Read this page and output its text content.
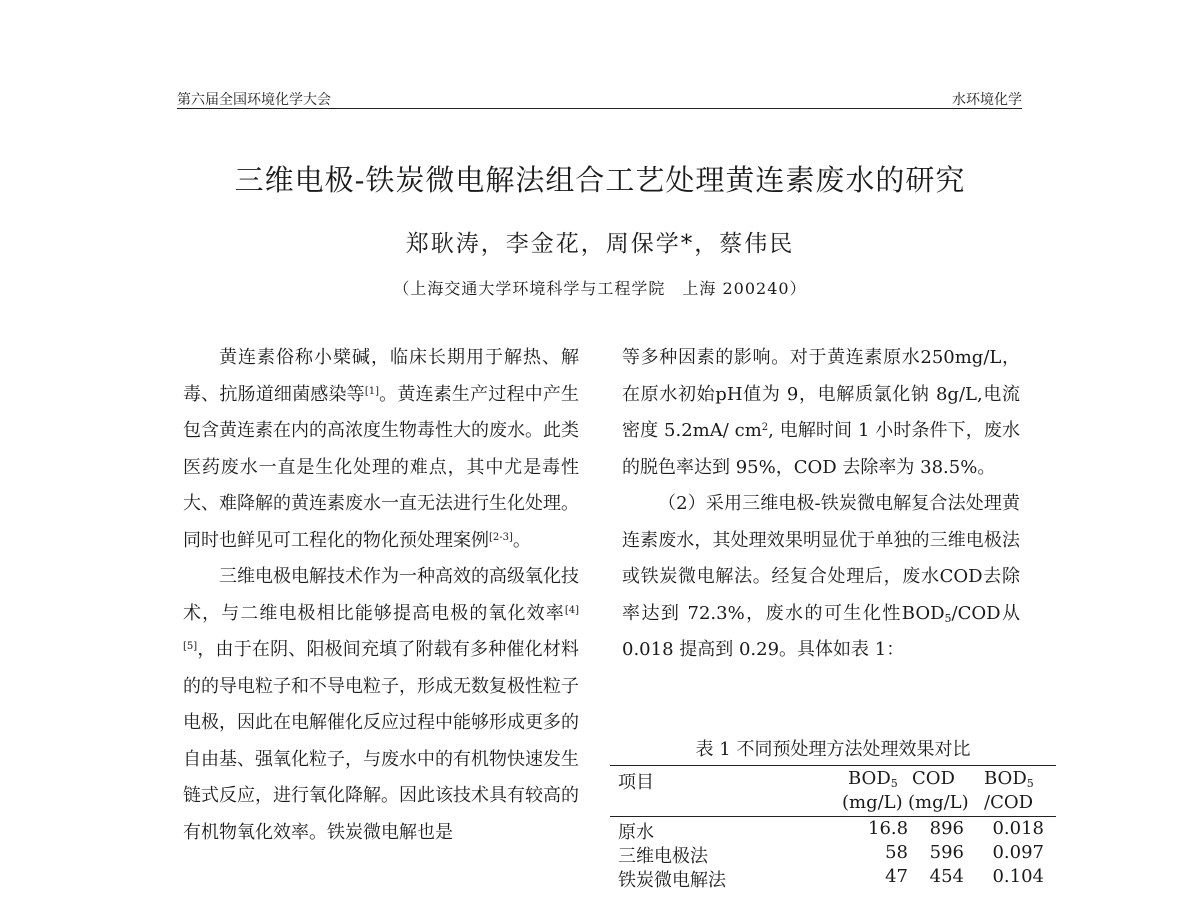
第六届全国环境化学大会	水环境化学
三维电极-铁炭微电解法组合工艺处理黄连素废水的研究
郑耿涛，李金花，周保学*，蔡伟民
（上海交通大学环境科学与工程学院　上海 200240）

黄连素俗称小檗碱，临床长期用于解热、解毒、抗肠道细菌感染等[1]。黄连素生产过程中产生包含黄连素在内的高浓度生物毒性大的废水。此类医药废水一直是生化处理的难点，其中尤是毒性大、难降解的黄连素废水一直无法进行生化处理。同时也鲜见可工程化的物化预处理案例[2-3]。

三维电极电解技术作为一种高效的高级氧化技术，与二维电极相比能够提高电极的氧化效率[4] [5]，由于在阴、阳极间充填了附载有多种催化材料的的导电粒子和不导电粒子，形成无数复极性粒子电极，因此在电解催化反应过程中能够形成更多的自由基、强氧化粒子，与废水中的有机物快速发生链式反应，进行氧化降解。因此该技术具有较高的有机物氧化效率。铁炭微电解也是

等多种因素的影响。对于黄连素原水250mg/L，在原水初始pH值为 9，电解质氯化钠 8g/L,电流密度 5.2mA/ $cm^2$, 电解时间 1 小时条件下，废水的脱色率达到 95%，COD 去除率为 38.5%。

（2）采用三维电极-铁炭微电解复合法处理黄连素废水，其处理效果明显优于单独的三维电极法或铁炭微电解法。经复合处理后，废水COD去除率达到 72.3%，废水的可生化性$BOD_5$/COD从 0.018 提高到 0.29。具体如表 1：

表 1 不同预处理方法处理效果对比
项目	$BOD_5$ COD $BOD_5$
(mg/L) (mg/L) /COD
原水	16.8	896 0.018
三维电极法	58	596 0.097
铁炭微电解法	47	454 0.104
